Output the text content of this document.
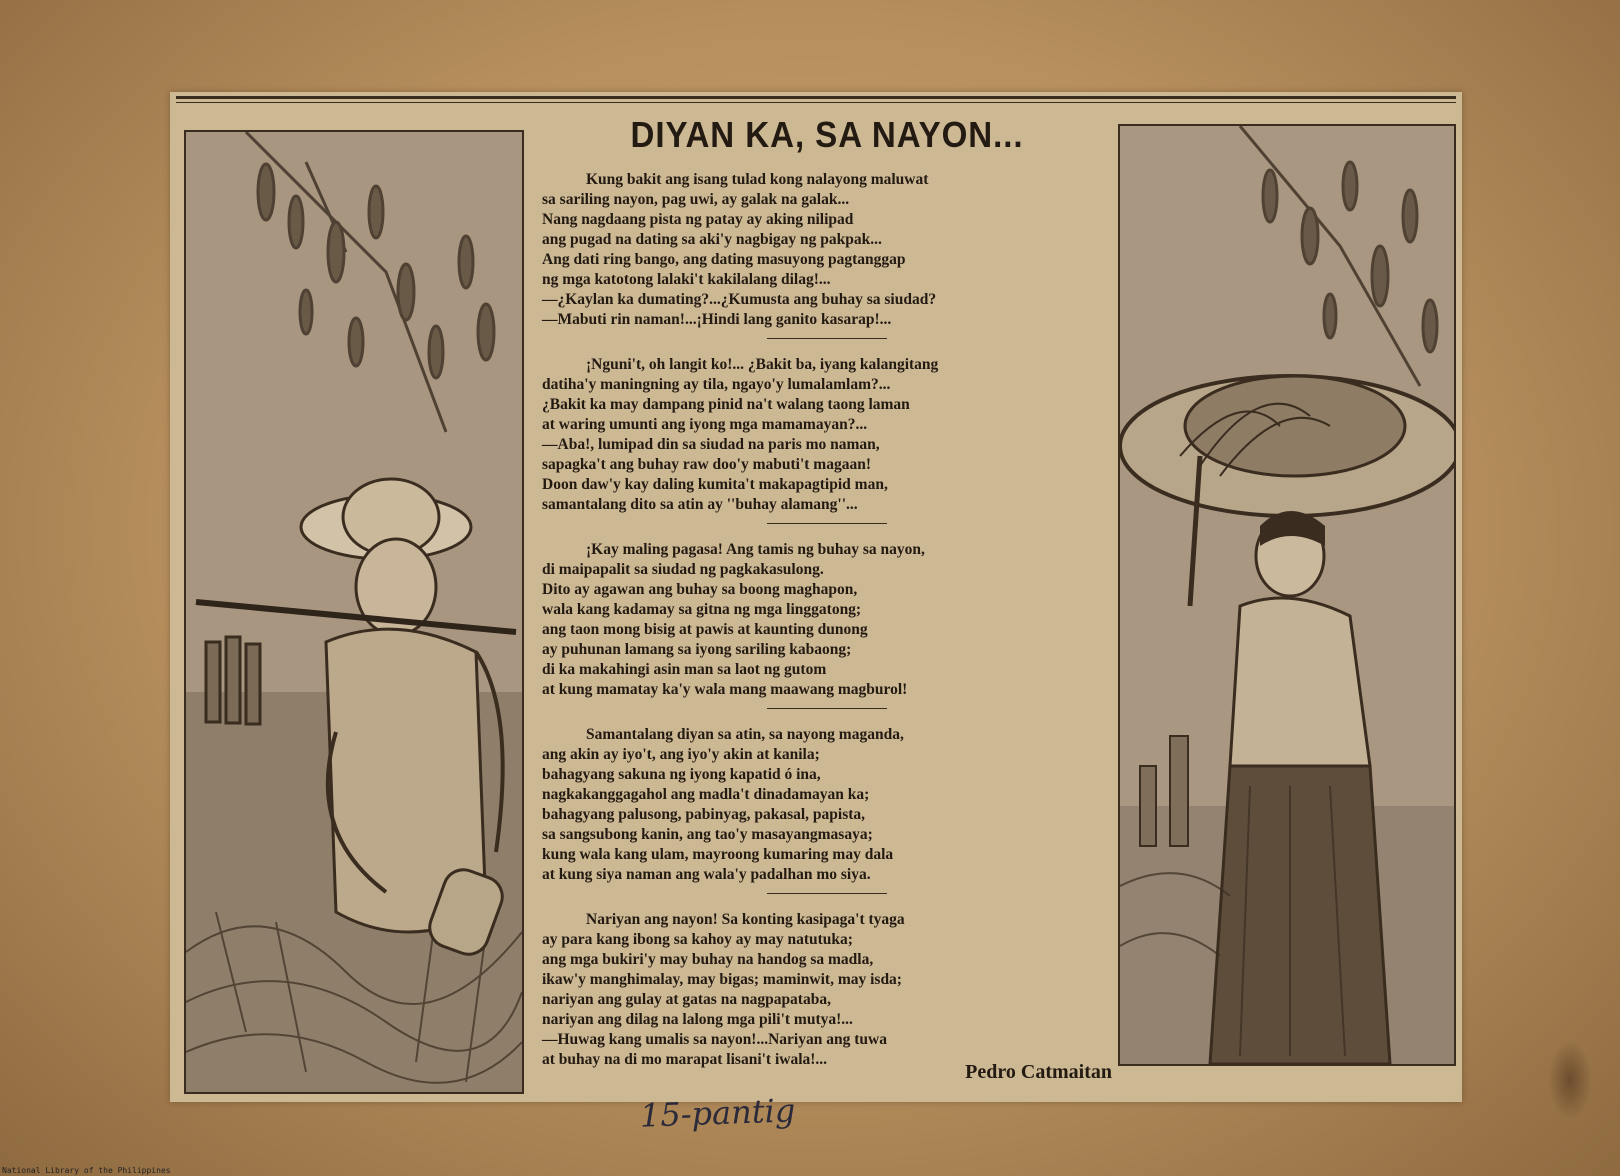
DIYAN KA, SA NAYON...
Kung bakit ang isang tulad kong nalayong maluwat
sa sariling nayon, pag uwi, ay galak na galak...
Nang nagdaang pista ng patay ay aking nilipad
ang pugad na dating sa aki'y nagbigay ng pakpak...
Ang dati ring bango, ang dating masuyong pagtanggap
ng mga katotong lalaki't kakilalang dilag!...
—¿Kaylan ka dumating?...¿Kumusta ang buhay sa siudad?
—Mabuti rin naman!...¡Hindi lang ganito kasarap!...
¡Nguni't, oh langit ko!... ¿Bakit ba, iyang kalangitang
datiha'y maningning ay tila, ngayo'y lumalamlam?...
¿Bakit ka may dampang pinid na't walang taong laman
at waring umunti ang iyong mga mamamayan?...
—Aba!, lumipad din sa siudad na paris mo naman,
sapagka't ang buhay raw doo'y mabuti't magaan!
Doon daw'y kay daling kumita't makapagtipid man,
samantalang dito sa atin ay ''buhay alamang''...
¡Kay maling pagasa! Ang tamis ng buhay sa nayon,
di maipapalit sa siudad ng pagkakasulong.
Dito ay agawan ang buhay sa boong maghapon,
wala kang kadamay sa gitna ng mga linggatong;
ang taon mong bisig at pawis at kaunting dunong
ay puhunan lamang sa iyong sariling kabaong;
di ka makahingi asin man sa laot ng gutom
at kung mamatay ka'y wala mang maawang magburol!
Samantalang diyan sa atin, sa nayong maganda,
ang akin ay iyo't, ang iyo'y akin at kanila;
bahagyang sakuna ng iyong kapatid ó ina,
nagkakanggagahol ang madla't dinadamayan ka;
bahagyang palusong, pabinyag, pakasal, papista,
sa sangsubong kanin, ang tao'y masayangmasaya;
kung wala kang ulam, mayroong kumaring may dala
at kung siya naman ang wala'y padalhan mo siya.
Nariyan ang nayon! Sa konting kasipaga't tyaga
ay para kang ibong sa kahoy ay may natutuka;
ang mga bukiri'y may buhay na handog sa madla,
ikaw'y manghimalay, may bigas; maminwit, may isda;
nariyan ang gulay at gatas na nagpapataba,
nariyan ang dilag na lalong mga pili't mutya!...
—Huwag kang umalis sa nayon!...Nariyan ang tuwa
at buhay na di mo marapat lisani't iwala!...
Pedro Catmaitan
15-pantig
National Library of the Philippines
